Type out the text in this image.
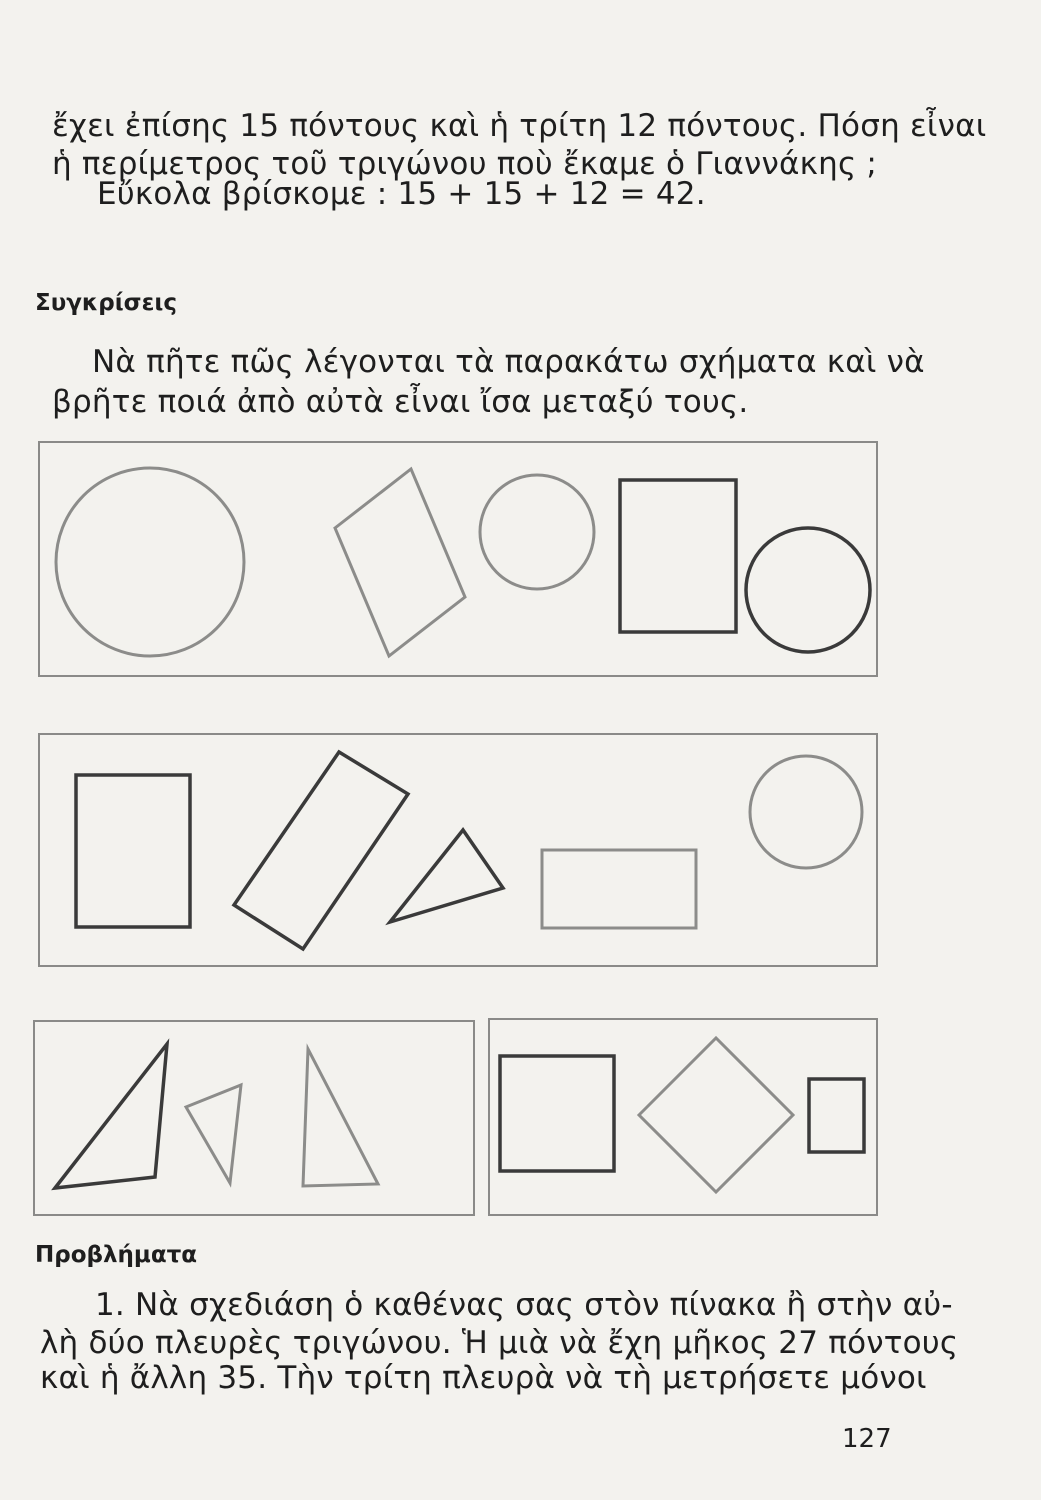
ἔχει ἐπίσης 15 πόντους καὶ ἡ τρίτη 12 πόντους. Πόση εἶναι
ἡ περίμετρος τοῦ τριγώνου ποὺ ἔκαμε ὁ Γιαννάκης ;
Εὔκολα βρίσκομε : 15 + 15 + 12 = 42.
Συγκρίσεις
Νὰ πῆτε πῶς λέγονται τὰ παρακάτω σχήματα καὶ νὰ
βρῆτε ποιά ἀπὸ αὐτὰ εἶναι ἴσα μεταξύ τους.
Προβλήματα
1. Νὰ σχεδιάση ὁ καθένας σας στὸν πίνακα ἢ στὴν αὐ-
λὴ δύο πλευρὲς τριγώνου. Ἡ μιὰ νὰ ἔχη μῆκος 27 πόντους
καὶ ἡ ἄλλη 35. Τὴν τρίτη πλευρὰ νὰ τὴ μετρήσετε μόνοι
127
